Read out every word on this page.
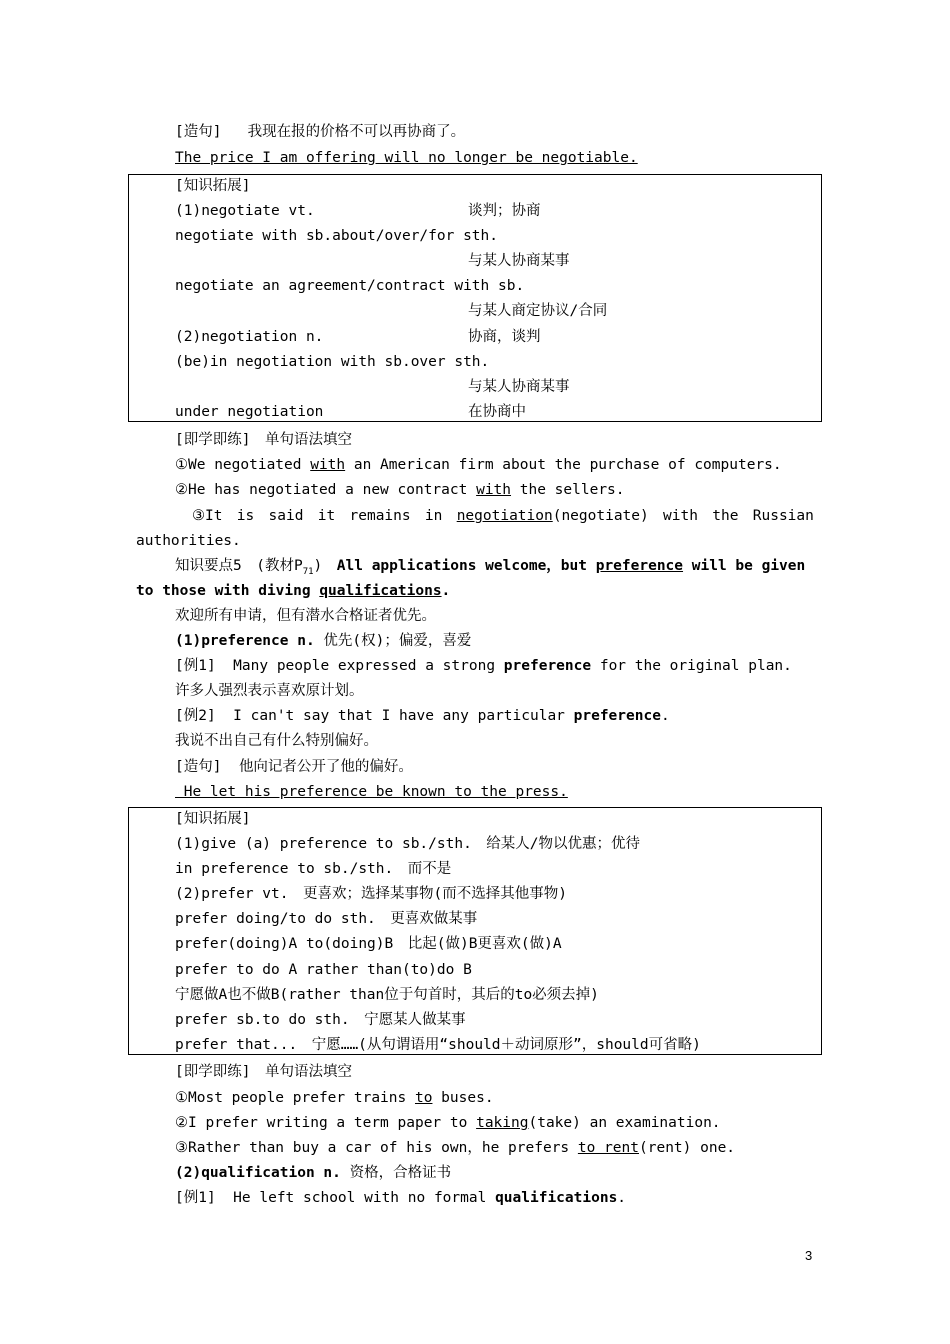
[造句] 我现在报的价格不可以再协商了。
The price I am offering will no longer be negotiable.
[知识拓展]
(1)negotiate vt.	谈判；协商
negotiate with sb.about/over/for sth.
与某人协商某事
negotiate an agreement/contract with sb.
与某人商定协议/合同
(2)negotiation n.	协商，谈判
(be)in negotiation with sb.over sth.
与某人协商某事
under negotiation	在协商中
[即学即练]　单句语法填空
①We negotiated with an American firm about the purchase of computers.
②He has negotiated a new contract with the sellers.
③It is said it remains in negotiation(negotiate) with the Russian
authorities.
知识要点5　(教材$P_{71}$)　All applications welcome，but preference will be given
to those with diving qualifications.
欢迎所有申请，但有潜水合格证者优先。
(1)preference n. 优先(权)；偏爱，喜爱
[例1] Many people expressed a strong preference for the original plan.
许多人强烈表示喜欢原计划。
[例2] I can't say that I have any particular preference.
我说不出自己有什么特别偏好。
[造句] 他向记者公开了他的偏好。
He let his preference be known to the press.
[知识拓展]
(1)give (a) preference to sb./sth.　给某人/物以优惠；优待
in preference to sb./sth.　而不是
(2)prefer vt.　更喜欢；选择某事物(而不选择其他事物)
prefer doing/to do sth.　更喜欢做某事
prefer(doing)A to(doing)B　比起(做)B更喜欢(做)A
prefer to do A rather than(to)do B
宁愿做A也不做B(rather than位于句首时，其后的to必须去掉)
prefer sb.to do sth.　宁愿某人做某事
prefer that...　宁愿……(从句谓语用“should＋动词原形”，should可省略)
[即学即练]　单句语法填空
①Most people prefer trains to buses.
②I prefer writing a term paper to taking(take) an examination.
③Rather than buy a car of his own，he prefers to rent(rent) one.
(2)qualification n. 资格，合格证书
[例1] He left school with no formal qualifications.
3
